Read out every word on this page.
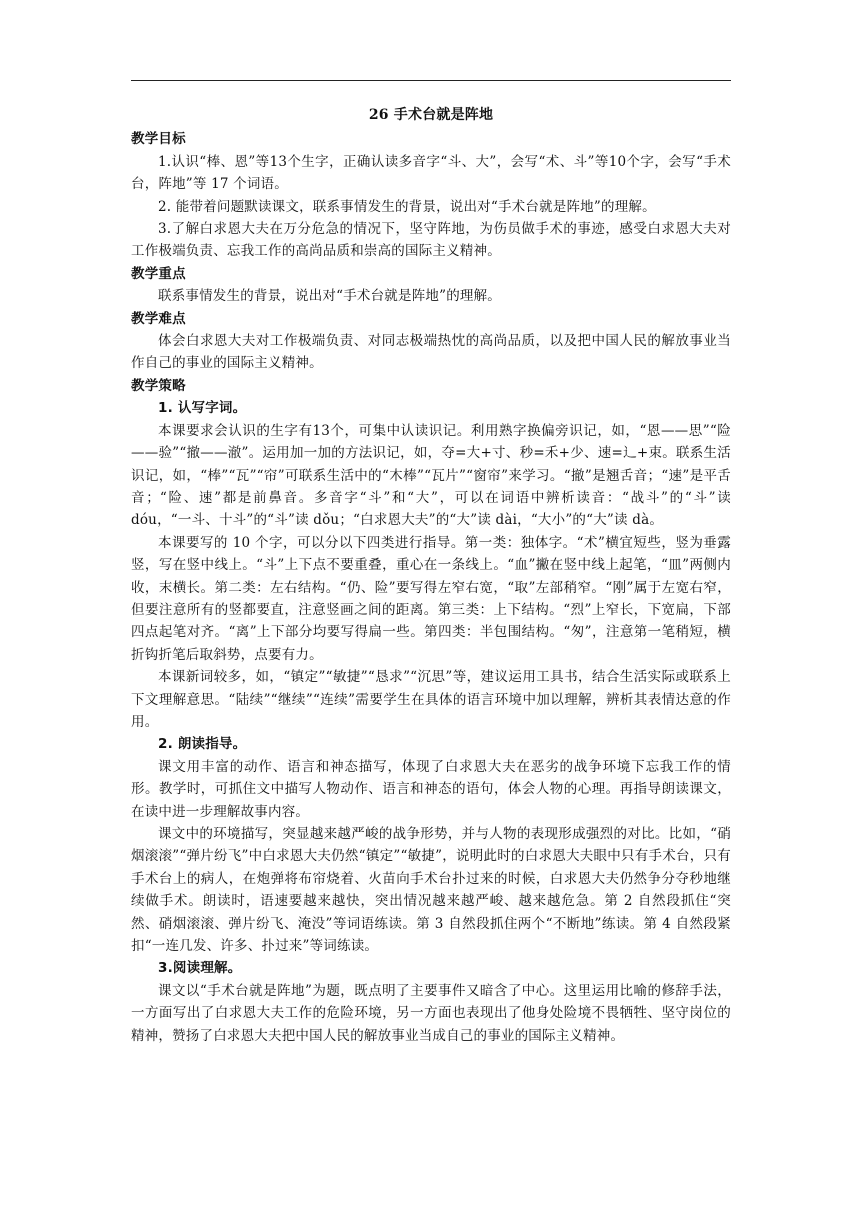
26 手术台就是阵地

教学目标

1.认识“棒、恩”等13个生字，正确认读多音字“斗、大”，会写“术、斗”等10个字，会写“手术台，阵地”等 17 个词语。

2. 能带着问题默读课文，联系事情发生的背景，说出对“手术台就是阵地”的理解。

3.了解白求恩大夫在万分危急的情况下，坚守阵地，为伤员做手术的事迹，感受白求恩大夫对工作极端负责、忘我工作的高尚品质和崇高的国际主义精神。

教学重点

联系事情发生的背景，说出对“手术台就是阵地”的理解。

教学难点

体会白求恩大夫对工作极端负责、对同志极端热忱的高尚品质，以及把中国人民的解放事业当作自己的事业的国际主义精神。

教学策略

1. 认写字词。

本课要求会认识的生字有13个，可集中认读识记。利用熟字换偏旁识记，如，“恩——思”“险——验”“撤——澈”。运用加一加的方法识记，如，夺=大+寸、秒=禾+少、速=辶+束。联系生活识记，如，“棒”“瓦”“帘”可联系生活中的“木棒”“瓦片”“窗帘”来学习。“撤”是翘舌音；“速”是平舌音；“险、速”都是前鼻音。多音字“斗”和“大”，可以在词语中辨析读音：“战斗”的“斗”读 dóu，“一斗、十斗”的“斗”读 dǒu；“白求恩大夫”的“大”读 dài，“大小”的“大”读 dà。

本课要写的 10 个字，可以分以下四类进行指导。第一类：独体字。“术”横宜短些，竖为垂露竖，写在竖中线上。“斗”上下点不要重叠，重心在一条线上。“血”撇在竖中线上起笔，“皿”两侧内收，末横长。第二类：左右结构。“仍、险”要写得左窄右宽，“取”左部稍窄。“刚”属于左宽右窄，但要注意所有的竖都要直，注意竖画之间的距离。第三类：上下结构。“烈”上窄长，下宽扁，下部四点起笔对齐。“离”上下部分均要写得扁一些。第四类：半包围结构。“匆”，注意第一笔稍短，横折钩折笔后取斜势，点要有力。

本课新词较多，如，“镇定”“敏捷”“恳求”“沉思”等，建议运用工具书，结合生活实际或联系上下文理解意思。“陆续”“继续”“连续”需要学生在具体的语言环境中加以理解，辨析其表情达意的作用。

2. 朗读指导。

课文用丰富的动作、语言和神态描写，体现了白求恩大夫在恶劣的战争环境下忘我工作的情形。教学时，可抓住文中描写人物动作、语言和神态的语句，体会人物的心理。再指导朗读课文，在读中进一步理解故事内容。

课文中的环境描写，突显越来越严峻的战争形势，并与人物的表现形成强烈的对比。比如，“硝烟滚滚”“弹片纷飞”中白求恩大夫仍然“镇定”“敏捷”，说明此时的白求恩大夫眼中只有手术台，只有手术台上的病人，在炮弹将布帘烧着、火苗向手术台扑过来的时候，白求恩大夫仍然争分夺秒地继续做手术。朗读时，语速要越来越快，突出情况越来越严峻、越来越危急。第 2 自然段抓住“突然、硝烟滚滚、弹片纷飞、淹没”等词语练读。第 3 自然段抓住两个“不断地”练读。第 4 自然段紧扣“一连几发、许多、扑过来”等词练读。

3.阅读理解。

课文以“手术台就是阵地”为题，既点明了主要事件又暗含了中心。这里运用比喻的修辞手法，一方面写出了白求恩大夫工作的危险环境，另一方面也表现出了他身处险境不畏牺牲、坚守岗位的精神，赞扬了白求恩大夫把中国人民的解放事业当成自己的事业的国际主义精神。
